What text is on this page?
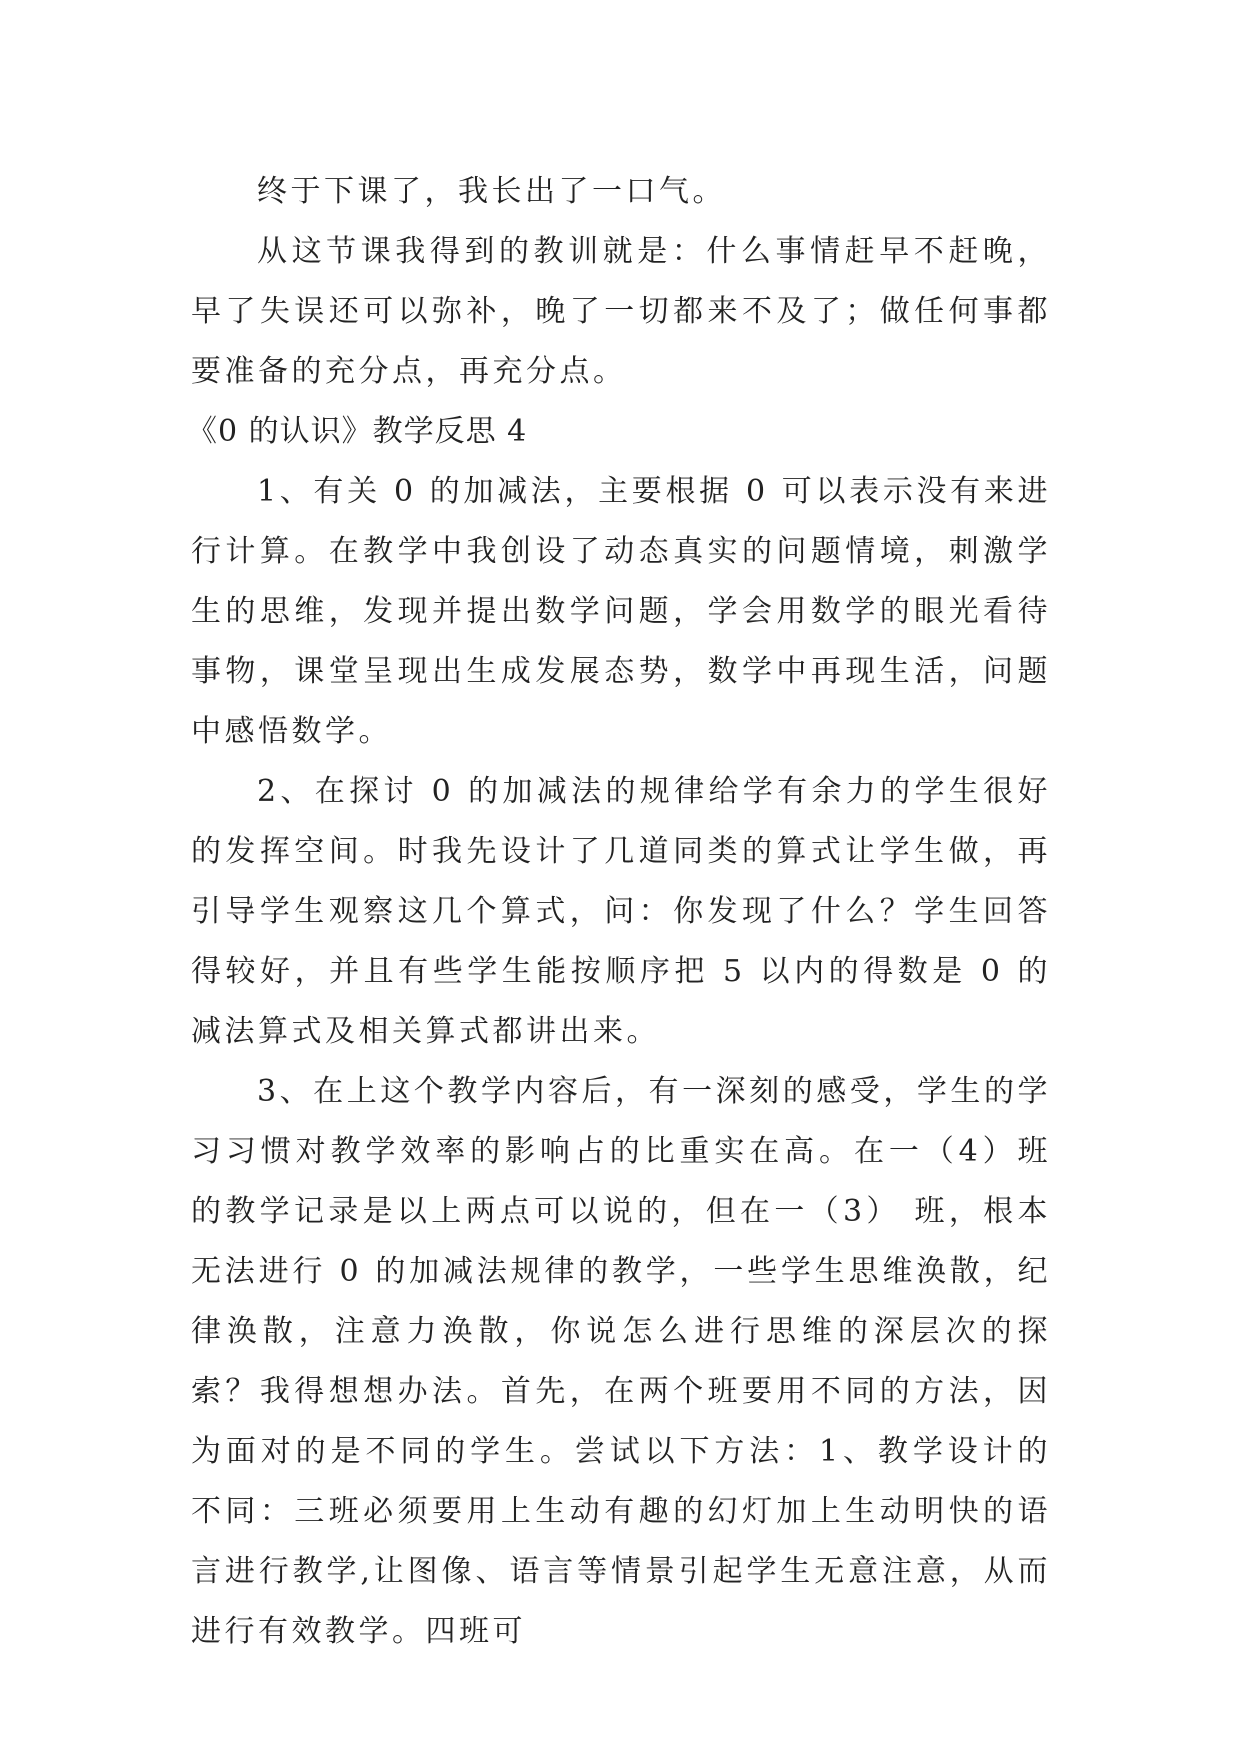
终于下课了，我长出了一口气。

从这节课我得到的教训就是：什么事情赶早不赶晚，早了失误还可以弥补，晚了一切都来不及了；做任何事都要准备的充分点，再充分点。

《0 的认识》教学反思 4

1、有关 0 的加减法，主要根据 0 可以表示没有来进行计算。在教学中我创设了动态真实的问题情境，刺激学生的思维，发现并提出数学问题，学会用数学的眼光看待事物，课堂呈现出生成发展态势，数学中再现生活，问题中感悟数学。

2、在探讨 0 的加减法的规律给学有余力的学生很好的发挥空间。时我先设计了几道同类的算式让学生做，再引导学生观察这几个算式，问：你发现了什么？学生回答得较好，并且有些学生能按顺序把 5 以内的得数是 0 的减法算式及相关算式都讲出来。

3、在上这个教学内容后，有一深刻的感受，学生的学习习惯对教学效率的影响占的比重实在高。在一（4）班的教学记录是以上两点可以说的，但在一（3） 班，根本无法进行 0 的加减法规律的教学，一些学生思维涣散，纪律涣散，注意力涣散，你说怎么进行思维的深层次的探索？我得想想办法。首先，在两个班要用不同的方法，因为面对的是不同的学生。尝试以下方法：1、教学设计的不同：三班必须要用上生动有趣的幻灯加上生动明快的语言进行教学,让图像、语言等情景引起学生无意注意，从而进行有效教学。四班可
